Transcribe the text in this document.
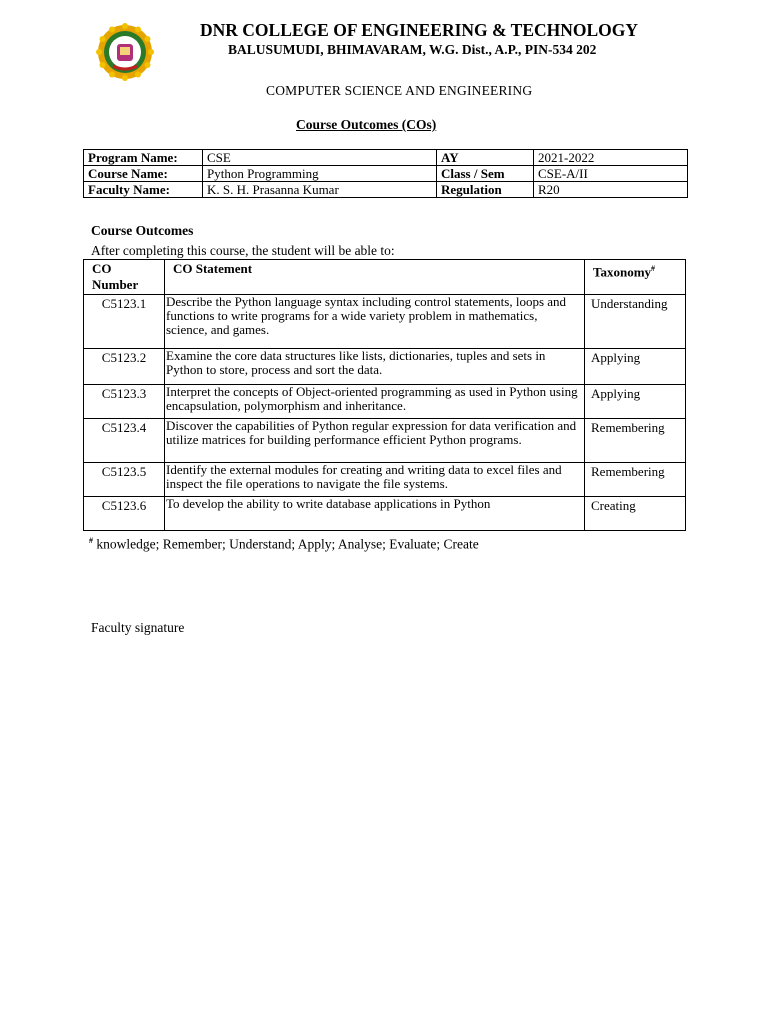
DNR COLLEGE OF ENGINEERING & TECHNOLOGY
BALUSUMUDI, BHIMAVARAM, W.G. Dist., A.P., PIN-534 202
COMPUTER SCIENCE AND ENGINEERING
Course Outcomes (COs)
Program Name:	CSE	AY	2021-2022
Course Name:	Python Programming	Class / Sem	CSE-A/II
Faculty Name:	K. S. H. Prasanna Kumar	Regulation	R20
Course Outcomes
After completing this course, the student will be able to:
CO Number	CO Statement	Taxonomy#
C5123.1	Describe the Python language syntax including control statements, loops and functions to write programs for a wide variety problem in mathematics, science, and games.	Understanding
C5123.2	Examine the core data structures like lists, dictionaries, tuples and sets in Python to store, process and sort the data.	Applying
C5123.3	Interpret the concepts of Object-oriented programming as used in Python using encapsulation, polymorphism and inheritance.	Applying
C5123.4	Discover the capabilities of Python regular expression for data verification and utilize matrices for building performance efficient Python programs.	Remembering
C5123.5	Identify the external modules for creating and writing data to excel files and inspect the file operations to navigate the file systems.	Remembering
C5123.6	To develop the ability to write database applications in Python	Creating
# knowledge; Remember; Understand; Apply; Analyse; Evaluate; Create
Faculty signature
